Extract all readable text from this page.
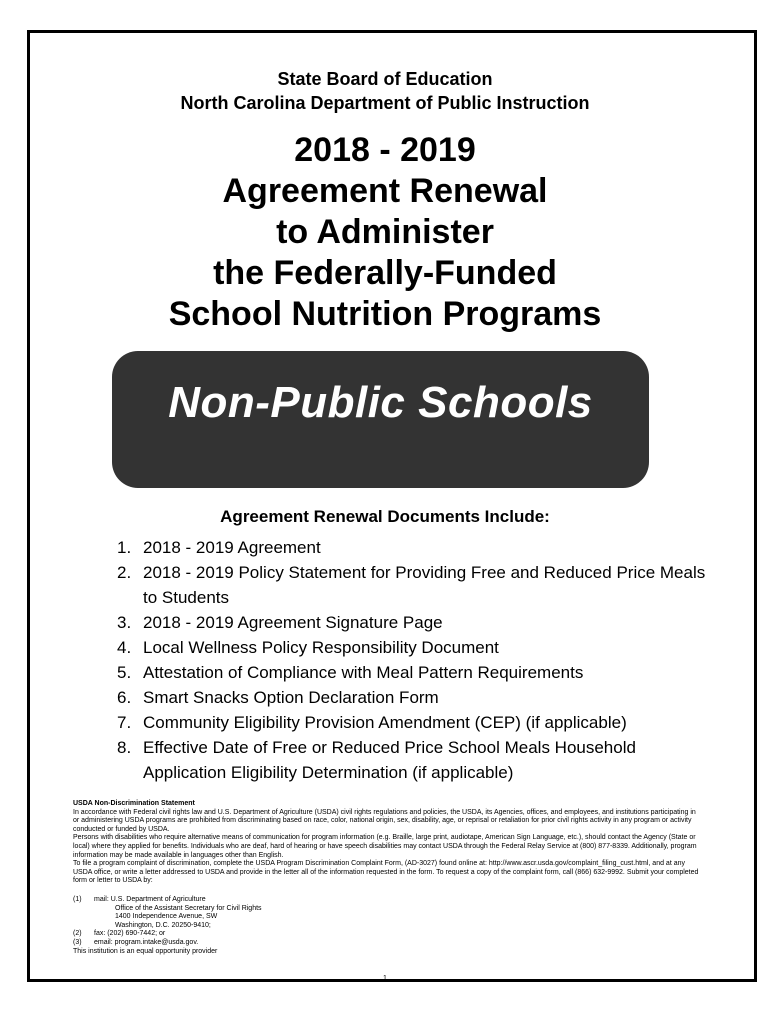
State Board of Education
North Carolina Department of Public Instruction
2018 - 2019
Agreement Renewal
to Administer
the Federally-Funded
School Nutrition Programs
Non-Public Schools
Agreement Renewal Documents Include:
1. 2018 - 2019 Agreement
2. 2018 - 2019 Policy Statement for Providing Free and Reduced Price Meals to Students
3. 2018 - 2019 Agreement Signature Page
4. Local Wellness Policy Responsibility Document
5. Attestation of Compliance with Meal Pattern Requirements
6. Smart Snacks Option Declaration Form
7. Community Eligibility Provision Amendment (CEP) (if applicable)
8. Effective Date of Free or Reduced Price School Meals Household Application Eligibility Determination (if applicable)

USDA Non-Discrimination Statement

In accordance with Federal civil rights law and U.S. Department of Agriculture (USDA) civil rights regulations and policies, the USDA, its Agencies, offices, and employees, and institutions participating in or administering USDA programs are prohibited from discriminating based on race, color, national origin, sex, disability, age, or reprisal or retaliation for prior civil rights activity in any program or activity conducted or funded by USDA.

Persons with disabilities who require alternative means of communication for program information (e.g. Braille, large print, audiotape, American Sign Language, etc.), should contact the Agency (State or local) where they applied for benefits. Individuals who are deaf, hard of hearing or have speech disabilities may contact USDA through the Federal Relay Service at (800) 877-8339. Additionally, program information may be made available in languages other than English.

To file a program complaint of discrimination, complete the USDA Program Discrimination Complaint Form, (AD-3027) found online at: http://www.ascr.usda.gov/complaint_filing_cust.html, and at any USDA office, or write a letter addressed to USDA and provide in the letter all of the information requested in the form. To request a copy of the complaint form, call (866) 632-9992. Submit your completed form or letter to USDA by:

(1)	mail: U.S. Department of Agriculture
Office of the Assistant Secretary for Civil Rights
1400 Independence Avenue, SW
Washington, D.C. 20250-9410;
(2)	fax: (202) 690-7442; or
(3)	email: program.intake@usda.gov.
This institution is an equal opportunity provider
1
